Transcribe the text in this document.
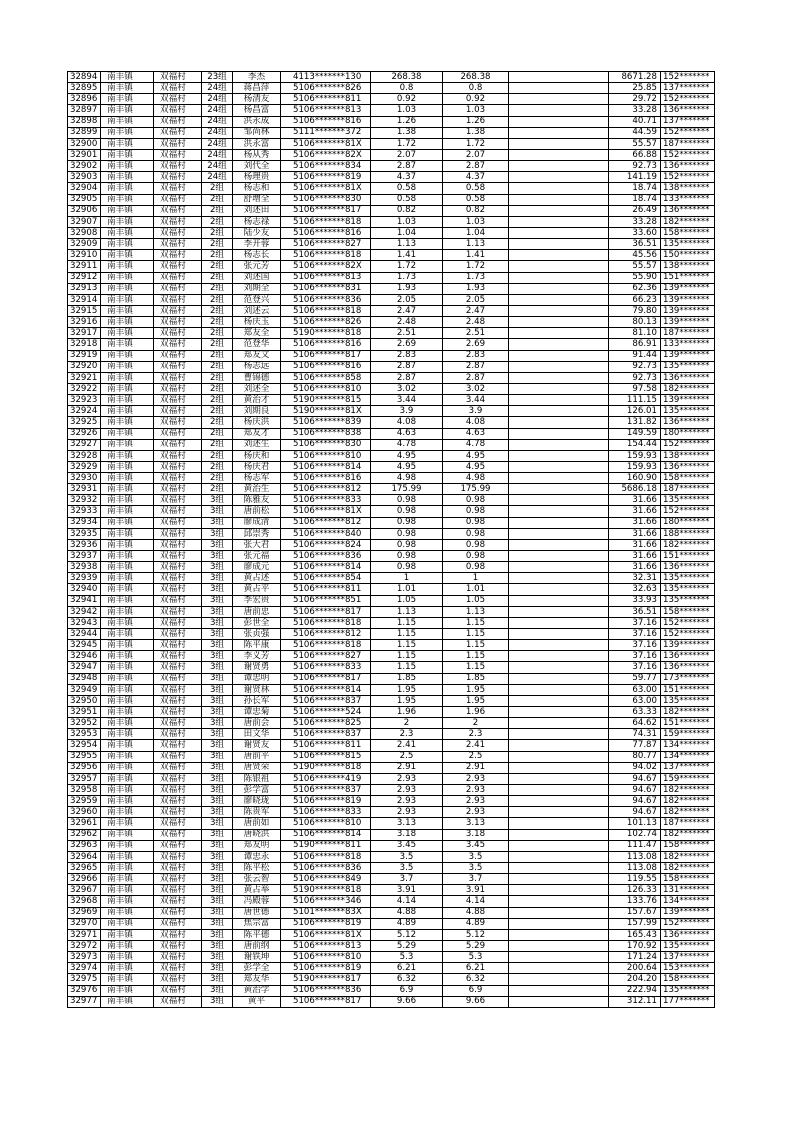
32894	南丰镇	双福村	23组	李杰	4113*******130	268.38	268.38		8671.28	152*******
32895	南丰镇	双福村	24组	蒋昌萍	5106*******826	0.8	0.8		25.85	137*******
32896	南丰镇	双福村	24组	杨清友	5106*******811	0.92	0.92		29.72	152*******
32897	南丰镇	双福村	24组	杨昌富	5106*******813	1.03	1.03		33.28	136*******
32898	南丰镇	双福村	24组	洪永成	5106*******816	1.26	1.26		40.71	137*******
32899	南丰镇	双福村	24组	邹尚林	5111*******372	1.38	1.38		44.59	152*******
32900	南丰镇	双福村	24组	洪永富	5106*******81X	1.72	1.72		55.57	187*******
32901	南丰镇	双福村	24组	杨从秀	5106*******82X	2.07	2.07		66.88	152*******
32902	南丰镇	双福村	24组	刘代全	5106*******834	2.87	2.87		92.73	136*******
32903	南丰镇	双福村	24组	杨理贵	5106*******819	4.37	4.37		141.19	152*******
32904	南丰镇	双福村	2组	杨志和	5106*******81X	0.58	0.58		18.74	138*******
32905	南丰镇	双福村	2组	舒增全	5106*******830	0.58	0.58		18.74	133*******
32906	南丰镇	双福村	2组	刘述田	5106*******817	0.82	0.82		26.49	136*******
32907	南丰镇	双福村	2组	杨志禄	5106*******818	1.03	1.03		33.28	182*******
32908	南丰镇	双福村	2组	陆少友	5106*******816	1.04	1.04		33.60	158*******
32909	南丰镇	双福村	2组	李开蓉	5106*******827	1.13	1.13		36.51	135*******
32910	南丰镇	双福村	2组	杨志长	5106*******818	1.41	1.41		45.56	150*******
32911	南丰镇	双福村	2组	张元芳	5106*******82X	1.72	1.72		55.57	138*******
32912	南丰镇	双福村	2组	刘述国	5106*******813	1.73	1.73		55.90	151*******
32913	南丰镇	双福村	2组	刘期全	5106*******831	1.93	1.93		62.36	139*******
32914	南丰镇	双福村	2组	范登兴	5106*******836	2.05	2.05		66.23	139*******
32915	南丰镇	双福村	2组	刘述云	5106*******818	2.47	2.47		79.80	139*******
32916	南丰镇	双福村	2组	杨庆玉	5106*******826	2.48	2.48		80.13	139*******
32917	南丰镇	双福村	2组	郑友全	5190*******818	2.51	2.51		81.10	187*******
32918	南丰镇	双福村	2组	范登华	5106*******816	2.69	2.69		86.91	133*******
32919	南丰镇	双福村	2组	郑友文	5106*******817	2.83	2.83		91.44	139*******
32920	南丰镇	双福村	2组	杨志远	5106*******816	2.87	2.87		92.73	135*******
32921	南丰镇	双福村	2组	曹锦德	5106*******858	2.87	2.87		92.73	136*******
32922	南丰镇	双福村	2组	刘述全	5106*******810	3.02	3.02		97.58	182*******
32923	南丰镇	双福村	2组	黄治才	5190*******815	3.44	3.44		111.15	139*******
32924	南丰镇	双福村	2组	刘期良	5190*******81X	3.9	3.9		126.01	135*******
32925	南丰镇	双福村	2组	杨庆洪	5106*******839	4.08	4.08		131.82	136*******
32926	南丰镇	双福村	2组	郑友才	5106*******838	4.63	4.63		149.59	180*******
32927	南丰镇	双福村	2组	刘述生	5106*******830	4.78	4.78		154.44	152*******
32928	南丰镇	双福村	2组	杨庆和	5106*******810	4.95	4.95		159.93	138*******
32929	南丰镇	双福村	2组	杨庆君	5106*******814	4.95	4.95		159.93	136*******
32930	南丰镇	双福村	2组	杨志军	5106*******816	4.98	4.98		160.90	158*******
32931	南丰镇	双福村	2组	黄治生	5106*******812	175.99	175.99		5686.18	187*******
32932	南丰镇	双福村	3组	陈雅友	5106*******833	0.98	0.98		31.66	135*******
32933	南丰镇	双福村	3组	唐前松	5106*******81X	0.98	0.98		31.66	152*******
32934	南丰镇	双福村	3组	廖成清	5106*******812	0.98	0.98		31.66	180*******
32935	南丰镇	双福村	3组	邱崇秀	5106*******840	0.98	0.98		31.66	188*******
32936	南丰镇	双福村	3组	张大君	5106*******824	0.98	0.98		31.66	182*******
32937	南丰镇	双福村	3组	张元福	5106*******836	0.98	0.98		31.66	151*******
32938	南丰镇	双福村	3组	廖成元	5106*******814	0.98	0.98		31.66	136*******
32939	南丰镇	双福村	3组	黄占述	5106*******854	1	1		32.31	135*******
32940	南丰镇	双福村	3组	黄占平	5106*******811	1.01	1.01		32.63	135*******
32941	南丰镇	双福村	3组	李宏贵	5106*******851	1.05	1.05		33.93	135*******
32942	南丰镇	双福村	3组	唐前忠	5106*******817	1.13	1.13		36.51	158*******
32943	南丰镇	双福村	3组	彭世全	5106*******818	1.15	1.15		37.16	152*******
32944	南丰镇	双福村	3组	张贞强	5106*******812	1.15	1.15		37.16	152*******
32945	南丰镇	双福村	3组	陈平康	5106*******818	1.15	1.15		37.16	139*******
32946	南丰镇	双福村	3组	李义芳	5106*******827	1.15	1.15		37.16	136*******
32947	南丰镇	双福村	3组	谢贤勇	5106*******833	1.15	1.15		37.16	136*******
32948	南丰镇	双福村	3组	谭忠明	5106*******817	1.85	1.85		59.77	173*******
32949	南丰镇	双福村	3组	谢贤林	5106*******814	1.95	1.95		63.00	151*******
32950	南丰镇	双福村	3组	孙长军	5106*******837	1.95	1.95		63.00	135*******
32951	南丰镇	双福村	3组	谭忠菊	5106*******524	1.96	1.96		63.33	182*******
32952	南丰镇	双福村	3组	唐前会	5106*******825	2	2		64.62	151*******
32953	南丰镇	双福村	3组	田文华	5106*******837	2.3	2.3		74.31	159*******
32954	南丰镇	双福村	3组	谢贤友	5106*******811	2.41	2.41		77.87	134*******
32955	南丰镇	双福村	3组	唐前平	5106*******815	2.5	2.5		80.77	134*******
32956	南丰镇	双福村	3组	唐贤荣	5190*******818	2.91	2.91		94.02	137*******
32957	南丰镇	双福村	3组	陈银祖	5106*******419	2.93	2.93		94.67	159*******
32958	南丰镇	双福村	3组	彭学富	5106*******837	2.93	2.93		94.67	182*******
32959	南丰镇	双福村	3组	廖晓珑	5106*******819	2.93	2.93		94.67	182*******
32960	南丰镇	双福村	3组	陈贵军	5106*******833	2.93	2.93		94.67	182*******
32961	南丰镇	双福村	3组	唐前如	5106*******810	3.13	3.13		101.13	187*******
32962	南丰镇	双福村	3组	唐晓洪	5106*******814	3.18	3.18		102.74	182*******
32963	南丰镇	双福村	3组	郑友明	5190*******811	3.45	3.45		111.47	158*******
32964	南丰镇	双福村	3组	谭忠永	5106*******818	3.5	3.5		113.08	182*******
32965	南丰镇	双福村	3组	陈平松	5106*******836	3.5	3.5		113.08	182*******
32966	南丰镇	双福村	3组	张云智	5106*******849	3.7	3.7		119.55	158*******
32967	南丰镇	双福村	3组	黄占举	5190*******818	3.91	3.91		126.33	131*******
32968	南丰镇	双福村	3组	冯殿蓉	5106*******346	4.14	4.14		133.76	134*******
32969	南丰镇	双福村	3组	唐世德	5101*******83X	4.88	4.88		157.67	139*******
32970	南丰镇	双福村	3组	焦宗富	5106*******819	4.89	4.89		157.99	152*******
32971	南丰镇	双福村	3组	陈平德	5106*******81X	5.12	5.12		165.43	136*******
32972	南丰镇	双福村	3组	唐前纲	5106*******813	5.29	5.29		170.92	135*******
32973	南丰镇	双福村	3组	谢铁坤	5106*******810	5.3	5.3		171.24	137*******
32974	南丰镇	双福村	3组	彭学全	5106*******819	6.21	6.21		200.64	153*******
32975	南丰镇	双福村	3组	郑友华	5190*******817	6.32	6.32		204.20	158*******
32976	南丰镇	双福村	3组	黄治学	5106*******836	6.9	6.9		222.94	135*******
32977	南丰镇	双福村	3组	黄平	5106*******817	9.66	9.66		312.11	177*******
